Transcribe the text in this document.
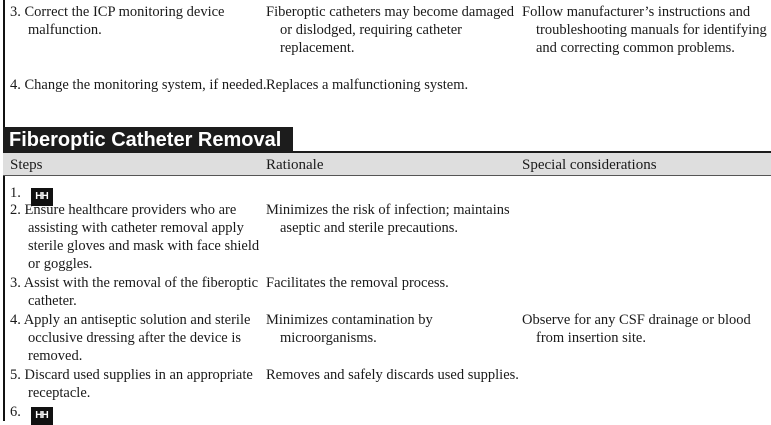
3. Correct the ICP monitoring device malfunction.
Fiberoptic catheters may become damaged or dislodged, requiring catheter replacement.
Follow manufacturer’s instructions and troubleshooting manuals for identifying and correcting common problems.
4. Change the monitoring system, if needed. Replaces a malfunctioning system.
Fiberoptic Catheter Removal
Steps	Rationale	Special considerations
1. HH
2. Ensure healthcare providers who are assisting with catheter removal apply sterile gloves and mask with face shield or goggles.
Minimizes the risk of infection; maintains aseptic and sterile precautions.
3. Assist with the removal of the fiberoptic catheter.
Facilitates the removal process.
4. Apply an antiseptic solution and sterile occlusive dressing after the device is removed.
Minimizes contamination by microorganisms.
Observe for any CSF drainage or blood from insertion site.
5. Discard used supplies in an appropriate receptacle.
Removes and safely discards used supplies.
6. HH
